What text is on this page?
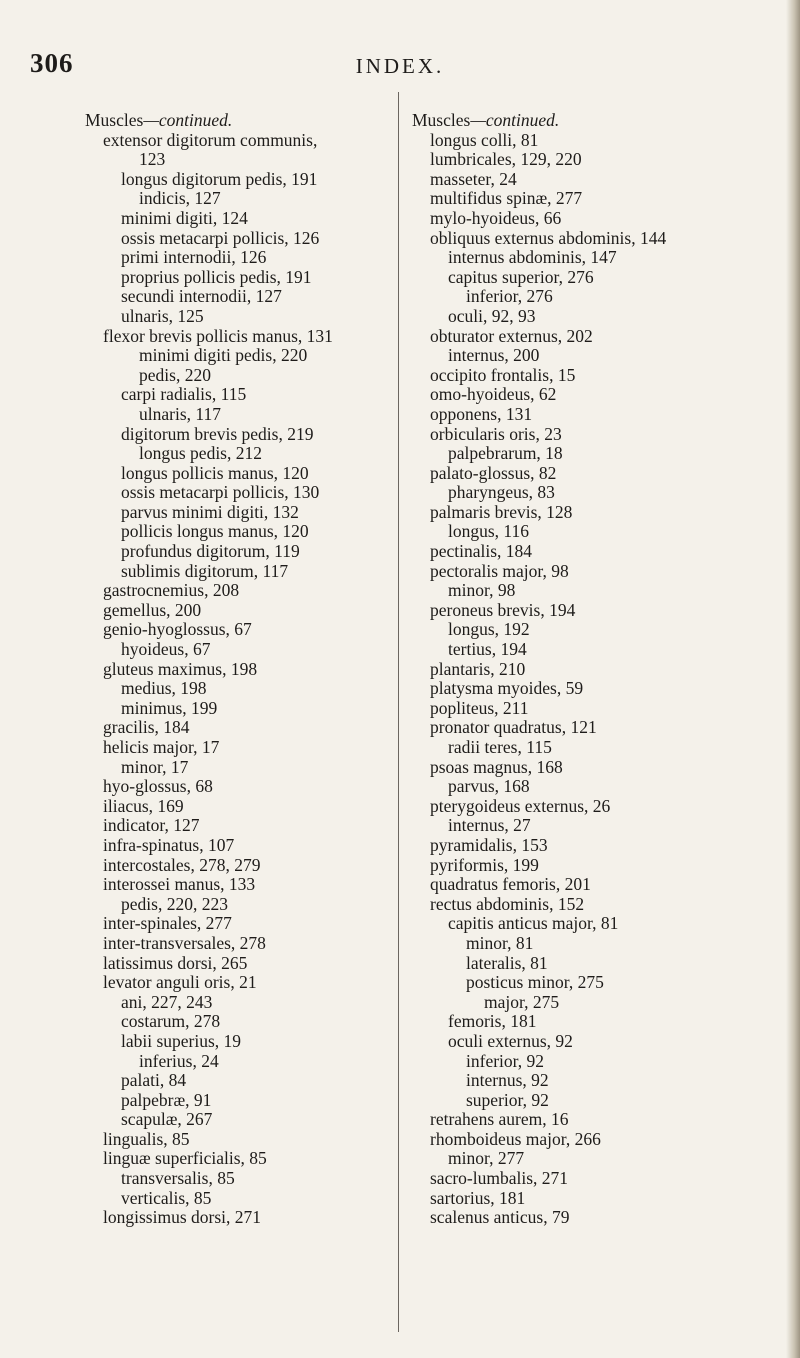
306	INDEX.

Muscles—continued.

extensor digitorum communis,

123

longus digitorum pedis, 191

indicis, 127

minimi digiti, 124

ossis metacarpi pollicis, 126

primi internodii, 126

proprius pollicis pedis, 191

secundi internodii, 127

ulnaris, 125

flexor brevis pollicis manus, 131

minimi digiti pedis, 220

pedis, 220

carpi radialis, 115

ulnaris, 117

digitorum brevis pedis, 219

longus pedis, 212

longus pollicis manus, 120

ossis metacarpi pollicis, 130

parvus minimi digiti, 132

pollicis longus manus, 120

profundus digitorum, 119

sublimis digitorum, 117

gastrocnemius, 208

gemellus, 200

genio-hyoglossus, 67

hyoideus, 67

gluteus maximus, 198

medius, 198

minimus, 199

gracilis, 184

helicis major, 17

minor, 17

hyo-glossus, 68

iliacus, 169

indicator, 127

infra-spinatus, 107

intercostales, 278, 279

interossei manus, 133

pedis, 220, 223

inter-spinales, 277

inter-transversales, 278

latissimus dorsi, 265

levator anguli oris, 21

ani, 227, 243

costarum, 278

labii superius, 19

inferius, 24

palati, 84

palpebræ, 91

scapulæ, 267

lingualis, 85

linguæ superficialis, 85

transversalis, 85

verticalis, 85

longissimus dorsi, 271

Muscles—continued.

longus colli, 81

lumbricales, 129, 220

masseter, 24

multifidus spinæ, 277

mylo-hyoideus, 66

obliquus externus abdominis, 144

internus abdominis, 147

capitus superior, 276

inferior, 276

oculi, 92, 93

obturator externus, 202

internus, 200

occipito frontalis, 15

omo-hyoideus, 62

opponens, 131

orbicularis oris, 23

palpebrarum, 18

palato-glossus, 82

pharyngeus, 83

palmaris brevis, 128

longus, 116

pectinalis, 184

pectoralis major, 98

minor, 98

peroneus brevis, 194

longus, 192

tertius, 194

plantaris, 210

platysma myoides, 59

popliteus, 211

pronator quadratus, 121

radii teres, 115

psoas magnus, 168

parvus, 168

pterygoideus externus, 26

internus, 27

pyramidalis, 153

pyriformis, 199

quadratus femoris, 201

rectus abdominis, 152

capitis anticus major, 81

minor, 81

lateralis, 81

posticus minor, 275

major, 275

femoris, 181

oculi externus, 92

inferior, 92

internus, 92

superior, 92

retrahens aurem, 16

rhomboideus major, 266

minor, 277

sacro-lumbalis, 271

sartorius, 181

scalenus anticus, 79
